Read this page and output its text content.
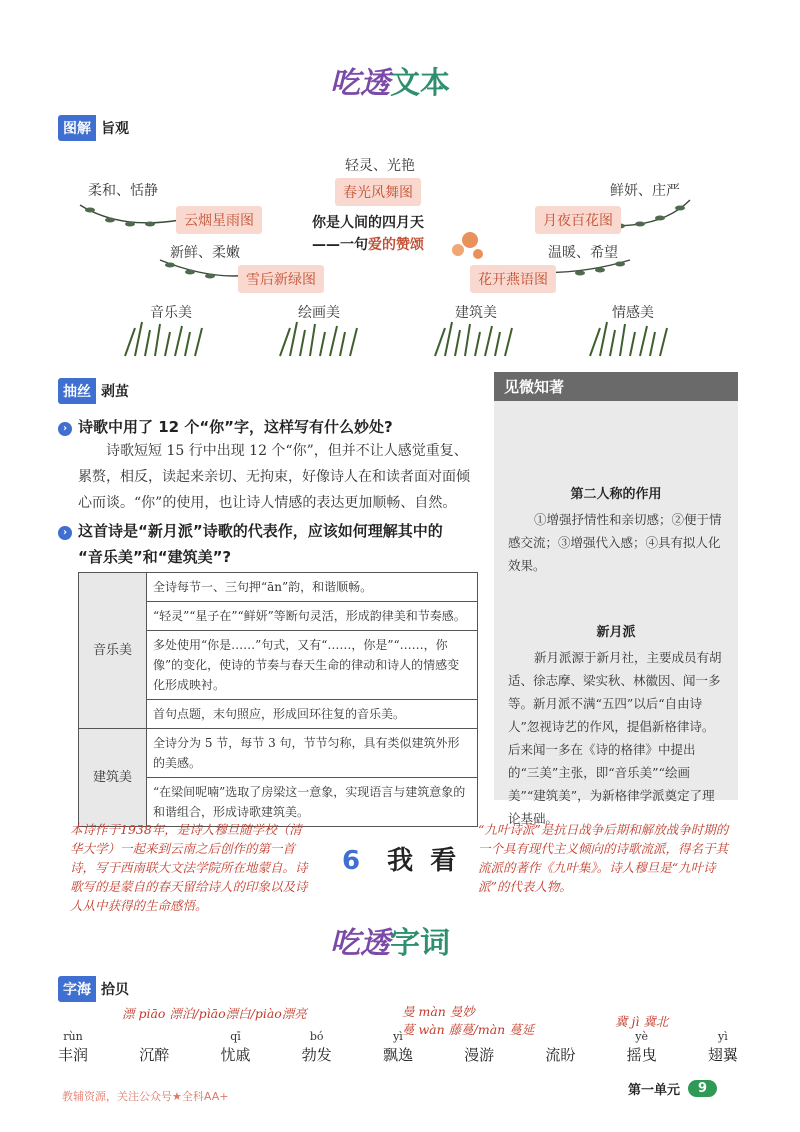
吃透文本
图解 旨观
轻灵、光艳
春光风舞图
柔和、恬静
云烟星雨图
鲜妍、庄严
月夜百花图
新鲜、柔嫩
雪后新绿图
温暖、希望
花开燕语图
你是人间的四月天
——一句爱的赞颂
音乐美	绘画美	建筑美	情感美
抽丝 剥茧
› 诗歌中用了 12 个“你”字，这样写有什么妙处?
诗歌短短 15 行中出现 12 个“你”，但并不让人感觉重复、累赘，相反，读起来亲切、无拘束，好像诗人在和读者面对面倾心而谈。“你”的使用，也让诗人情感的表达更加顺畅、自然。
› 这首诗是“新月派”诗歌的代表作，应该如何理解其中的
“音乐美”和“建筑美”?
音乐美	全诗每节一、三句押“ān”韵，和谐顺畅。
	“轻灵”“星子在”“鲜妍”等断句灵活，形成韵律美和节奏感。
	多处使用“你是……”句式，又有“……，你是”“……，你像”的变化，使诗的节奏与春天生命的律动和诗人的情感变化形成映衬。
	首句点题，末句照应，形成回环往复的音乐美。
建筑美	全诗分为 5 节，每节 3 句，节节匀称，具有类似建筑外形的美感。
	“在梁间呢喃”选取了房梁这一意象，实现语言与建筑意象的和谐组合，形成诗歌建筑美。
见微知著
第二人称的作用
①增强抒情性和亲切感；②便于情感交流；③增强代入感；④具有拟人化效果。
新月派
新月派源于新月社，主要成员有胡适、徐志摩、梁实秋、林徽因、闻一多等。新月派不满“五四”以后“自由诗人”忽视诗艺的作风，提倡新格律诗。后来闻一多在《诗的格律》中提出的“三美”主张，即“音乐美”“绘画美”“建筑美”，为新格律学派奠定了理论基础。
本诗作于1938年，是诗人穆旦随学校（清华大学）一起来到云南之后创作的第一首诗，写于西南联大文法学院所在地蒙自。诗歌写的是蒙自的春天留给诗人的印象以及诗人从中获得的生命感悟。
“九叶诗派”是抗日战争后期和解放战争时期的一个具有现代主义倾向的诗歌流派，得名于其流派的著作《九叶集》。诗人穆旦是“九叶诗派”的代表人物。
6 我 看
吃透字词
字海 拾贝
漂 piāo 漂泊/pìāo漂白/piào漂亮	曼 màn 曼妙
蔓 wàn 藤蔓/màn 蔓延
冀 jì 冀北
rùn
丰润	沉醉
qī
忧戚
bó
勃发
yì
飘逸	漫游	流盼
yè
摇曳
yì
翅翼
教辅资源，关注公众号★全科AA+	第一单元	9
